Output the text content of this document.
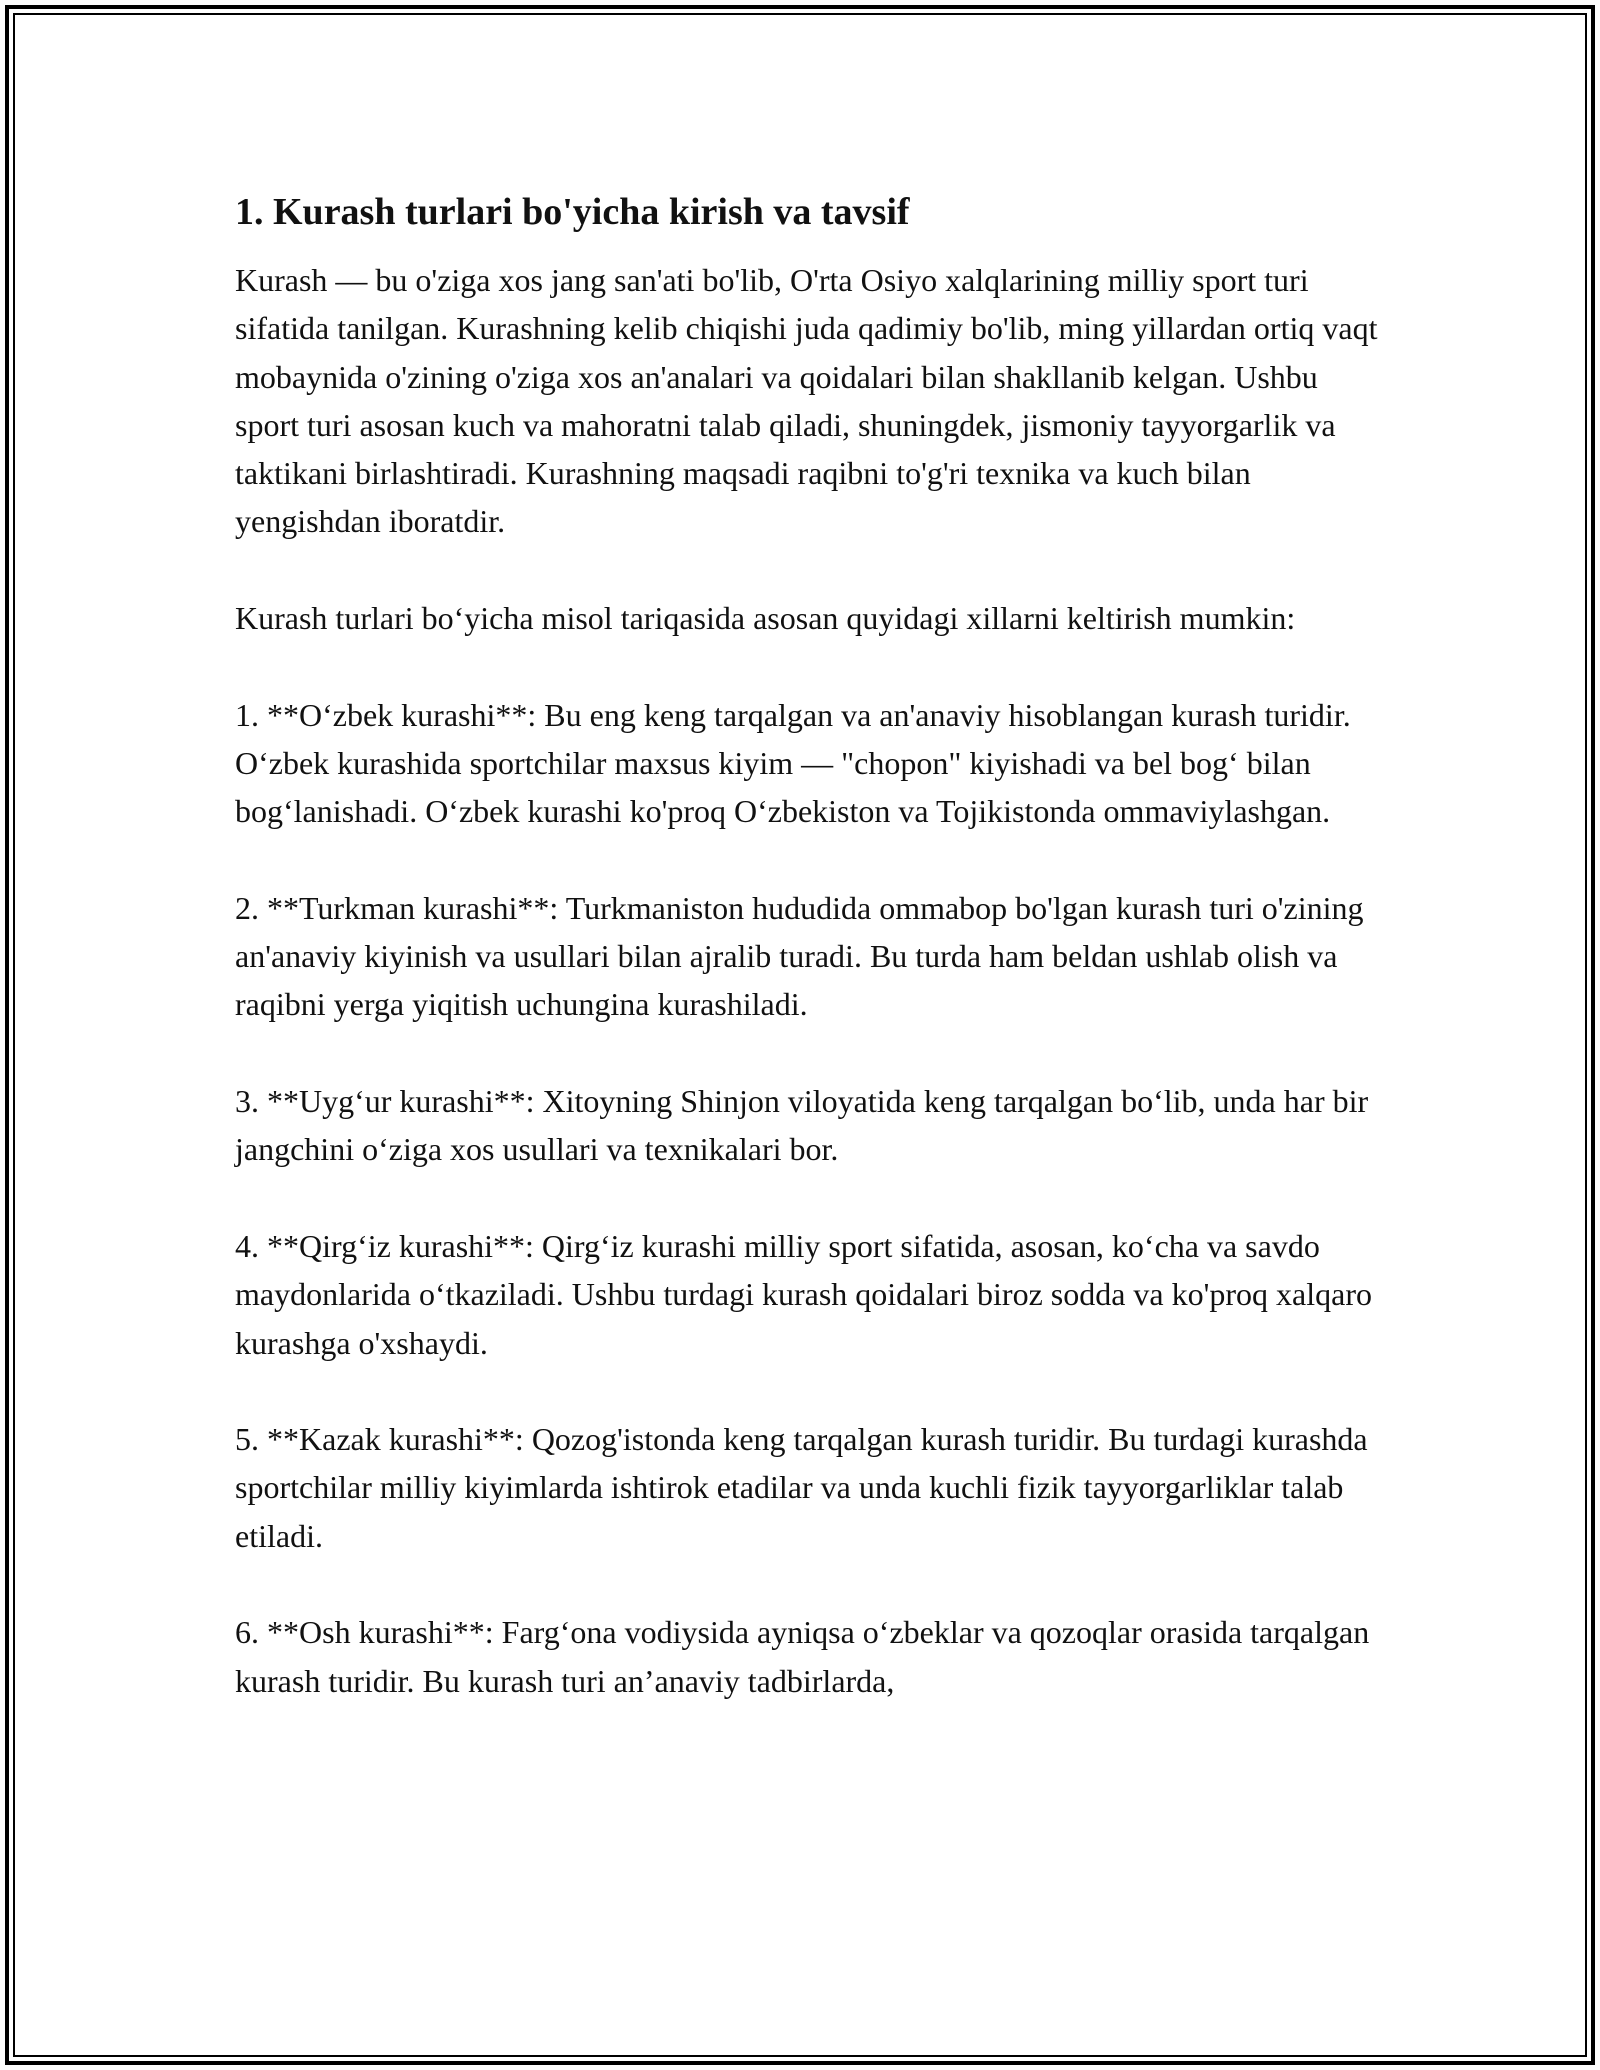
1. Kurash turlari bo'yicha kirish va tavsif

Kurash — bu o'ziga xos jang san'ati bo'lib, O'rta Osiyo xalqlarining milliy sport turi sifatida tanilgan. Kurashning kelib chiqishi juda qadimiy bo'lib, ming yillardan ortiq vaqt mobaynida o'zining o'ziga xos an'analari va qoidalari bilan shakllanib kelgan. Ushbu sport turi asosan kuch va mahoratni talab qiladi, shuningdek, jismoniy tayyorgarlik va taktikani birlashtiradi. Kurashning maqsadi raqibni to'g'ri texnika va kuch bilan yengishdan iboratdir.

Kurash turlari bo‘yicha misol tariqasida asosan quyidagi xillarni keltirish mumkin:

1. **O‘zbek kurashi**: Bu eng keng tarqalgan va an'anaviy hisoblangan kurash turidir. O‘zbek kurashida sportchilar maxsus kiyim — "chopon" kiyishadi va bel bog‘ bilan bog‘lanishadi. O‘zbek kurashi ko'proq O‘zbekiston va Tojikistonda ommaviylashgan.

2. **Turkman kurashi**: Turkmaniston hududida ommabop bo'lgan kurash turi o'zining an'anaviy kiyinish va usullari bilan ajralib turadi. Bu turda ham beldan ushlab olish va raqibni yerga yiqitish uchungina kurashiladi.

3. **Uyg‘ur kurashi**: Xitoyning Shinjon viloyatida keng tarqalgan bo‘lib, unda har bir jangchini o‘ziga xos usullari va texnikalari bor.

4. **Qirg‘iz kurashi**: Qirg‘iz kurashi milliy sport sifatida, asosan, ko‘cha va savdo maydonlarida o‘tkaziladi. Ushbu turdagi kurash qoidalari biroz sodda va ko'proq xalqaro kurashga o'xshaydi.

5. **Kazak kurashi**: Qozog'istonda keng tarqalgan kurash turidir. Bu turdagi kurashda sportchilar milliy kiyimlarda ishtirok etadilar va unda kuchli fizik tayyorgarliklar talab etiladi.

6. **Osh kurashi**: Farg‘ona vodiysida ayniqsa o‘zbeklar va qozoqlar orasida tarqalgan kurash turidir. Bu kurash turi an’anaviy tadbirlarda,
